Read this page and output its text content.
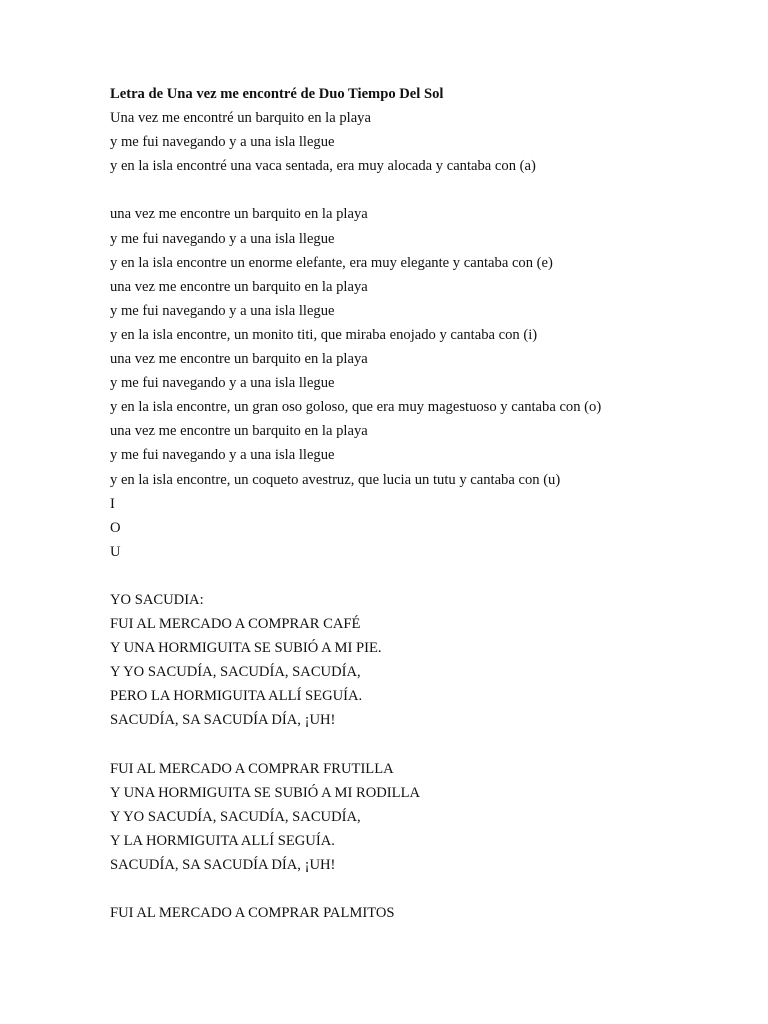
Letra de Una vez me encontré de Duo Tiempo Del Sol
Una vez me encontré un barquito en la playa
y me fui navegando y a una isla llegue
y en la isla encontré una vaca sentada, era muy alocada y cantaba con (a)
una vez me encontre un barquito en la playa
y me fui navegando y a una isla llegue
y en la isla encontre un enorme elefante, era muy elegante y cantaba con (e)
una vez me encontre un barquito en la playa
y me fui navegando y a una isla llegue
y en la isla encontre, un monito titi, que miraba enojado y cantaba con (i)
una vez me encontre un barquito en la playa
y me fui navegando y a una isla llegue
y en la isla encontre, un gran oso goloso, que era muy magestuoso y cantaba con (o)
una vez me encontre un barquito en la playa
y me fui navegando y a una isla llegue
y en la isla encontre, un coqueto avestruz, que lucia un tutu y cantaba con (u)
I
O
U
YO SACUDIA:
FUI AL MERCADO A COMPRAR CAFÉ
Y UNA HORMIGUITA SE SUBIÓ A MI PIE.
Y YO SACUDÍA, SACUDÍA, SACUDÍA,
PERO LA HORMIGUITA ALLÍ SEGUÍA.
SACUDÍA, SA SACUDÍA DÍA, ¡UH!
FUI AL MERCADO A COMPRAR FRUTILLA
Y UNA HORMIGUITA SE SUBIÓ A MI RODILLA
Y YO SACUDÍA, SACUDÍA, SACUDÍA,
Y LA HORMIGUITA ALLÍ SEGUÍA.
SACUDÍA, SA SACUDÍA DÍA, ¡UH!
FUI AL MERCADO A COMPRAR PALMITOS
